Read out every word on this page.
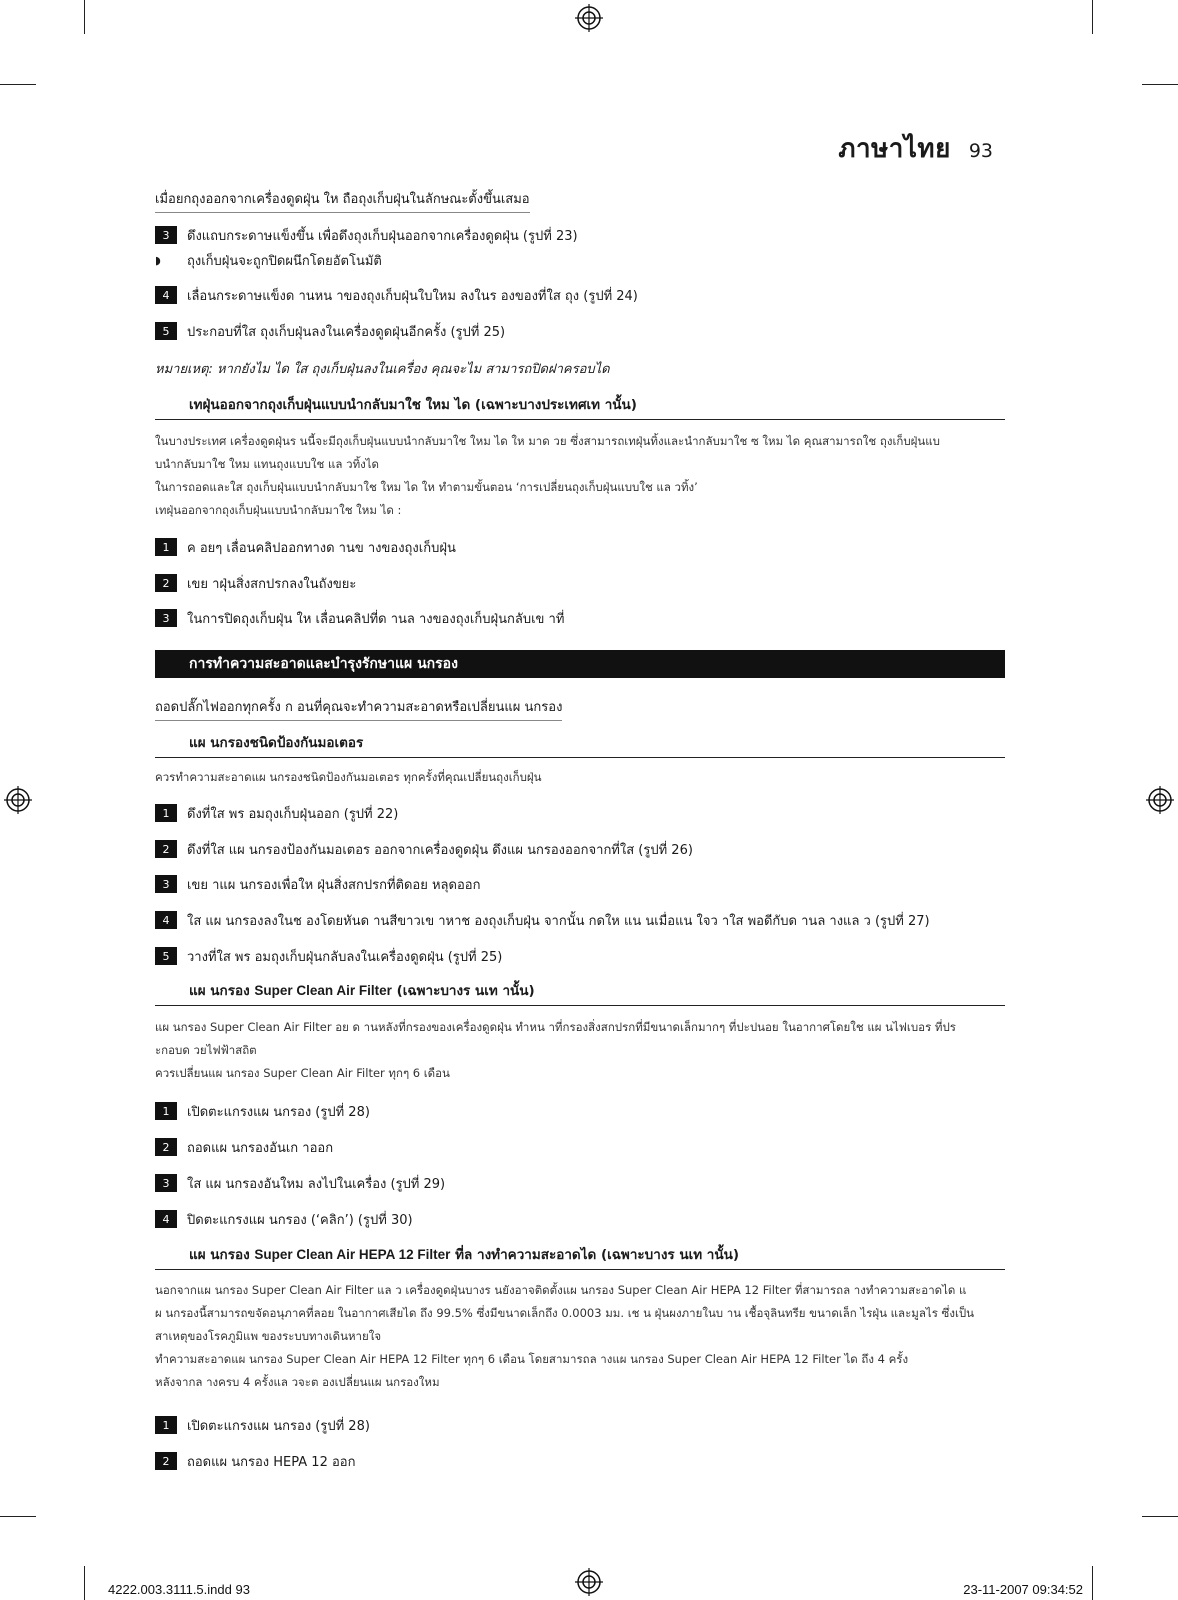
ภาษาไทย 93
เมื่อยกถุงออกจากเครื่องดูดฝุ่น ให ถือถุงเก็บฝุ่นในลักษณะตั้งขึ้นเสมอ
3	ดึงแถบกระดาษแข็งขึ้น เพื่อดึงถุงเก็บฝุ่นออกจากเครื่องดูดฝุ่น (รูปที่ 23)
◗	ถุงเก็บฝุ่นจะถูกปิดผนึกโดยอัตโนมัติ
4	เลื่อนกระดาษแข็งด านหน าของถุงเก็บฝุ่นใบใหม ลงในร องของที่ใส ถุง (รูปที่ 24)
5	ประกอบที่ใส ถุงเก็บฝุ่นลงในเครื่องดูดฝุ่นอีกครั้ง (รูปที่ 25)
หมายเหตุ: หากยังไม ได ใส ถุงเก็บฝุ่นลงในเครื่อง คุณจะไม สามารถปิดฝาครอบได
เทฝุ่นออกจากถุงเก็บฝุ่นแบบนำกลับมาใช ใหม ได (เฉพาะบางประเทศเท านั้น)

ในบางประเทศ เครื่องดูดฝุ่นร นนี้จะมีถุงเก็บฝุ่นแบบนำกลับมาใช ใหม ได ให มาด วย ซึ่งสามารถเทฝุ่นทิ้งและนำกลับมาใช ซ ใหม ได คุณสามารถใช ถุงเก็บฝุ่นแบ

บนำกลับมาใช ใหม แทนถุงแบบใช แล วทิ้งได

ในการถอดและใส ถุงเก็บฝุ่นแบบนำกลับมาใช ใหม ได ให ทำตามขั้นตอน ‘การเปลี่ยนถุงเก็บฝุ่นแบบใช แล วทิ้ง’

เทฝุ่นออกจากถุงเก็บฝุ่นแบบนำกลับมาใช ใหม ได :

1	ค อยๆ เลื่อนคลิปออกทางด านข างของถุงเก็บฝุ่น
2	เขย าฝุ่นสิ่งสกปรกลงในถังขยะ
3	ในการปิดถุงเก็บฝุ่น ให เลื่อนคลิปที่ด านล างของถุงเก็บฝุ่นกลับเข าที่
การทำความสะอาดและบำรุงรักษาแผ นกรอง
ถอดปลั๊กไฟออกทุกครั้ง ก อนที่คุณจะทำความสะอาดหรือเปลี่ยนแผ นกรอง
แผ นกรองชนิดป้องกันมอเตอร
ควรทำความสะอาดแผ นกรองชนิดป้องกันมอเตอร ทุกครั้งที่คุณเปลี่ยนถุงเก็บฝุ่น
1	ดึงที่ใส พร อมถุงเก็บฝุ่นออก (รูปที่ 22)
2	ดึงที่ใส แผ นกรองป้องกันมอเตอร ออกจากเครื่องดูดฝุ่น ดึงแผ นกรองออกจากที่ใส (รูปที่ 26)
3	เขย าแผ นกรองเพื่อให ฝุ่นสิ่งสกปรกที่ติดอย หลุดออก
4	ใส แผ นกรองลงในช องโดยหันด านสีขาวเข าหาช องถุงเก็บฝุ่น จากนั้น กดให แน นเมื่อแน ใจว าใส พอดีกับด านล างแล ว (รูปที่ 27)
5	วางที่ใส พร อมถุงเก็บฝุ่นกลับลงในเครื่องดูดฝุ่น (รูปที่ 25)
แผ นกรอง Super Clean Air Filter (เฉพาะบางร นเท านั้น)

แผ นกรอง Super Clean Air Filter อย ด านหลังที่กรองของเครื่องดูดฝุ่น ทำหน าที่กรองสิ่งสกปรกที่มีขนาดเล็กมากๆ ที่ปะปนอย ในอากาศโดยใช แผ นไฟเบอร ที่ปร

ะกอบด วยไฟฟ้าสถิต

ควรเปลี่ยนแผ นกรอง Super Clean Air Filter ทุกๆ 6 เดือน

1	เปิดตะแกรงแผ นกรอง (รูปที่ 28)
2	ถอดแผ นกรองอันเก าออก
3	ใส แผ นกรองอันใหม ลงไปในเครื่อง (รูปที่ 29)
4	ปิดตะแกรงแผ นกรอง (‘คลิก’) (รูปที่ 30)
แผ นกรอง Super Clean Air HEPA 12 Filter ที่ล างทำความสะอาดได (เฉพาะบางร นเท านั้น)

นอกจากแผ นกรอง Super Clean Air Filter แล ว เครื่องดูดฝุ่นบางร นยังอาจติดตั้งแผ นกรอง Super Clean Air HEPA 12 Filter ที่สามารถล างทำความสะอาดได แ

ผ นกรองนี้สามารถขจัดอนุภาคที่ลอย ในอากาศเสียได ถึง 99.5% ซึ่งมีขนาดเล็กถึง 0.0003 มม. เช น ฝุ่นผงภายในบ าน เชื้อจุลินทรีย ขนาดเล็ก ไรฝุ่น และมูลไร ซึ่งเป็น

สาเหตุของโรคภูมิแพ ของระบบทางเดินหายใจ

ทำความสะอาดแผ นกรอง Super Clean Air HEPA 12 Filter ทุกๆ 6 เดือน โดยสามารถล างแผ นกรอง Super Clean Air HEPA 12 Filter ได ถึง 4 ครั้ง

หลังจากล างครบ 4 ครั้งแล วจะต องเปลี่ยนแผ นกรองใหม

1	เปิดตะแกรงแผ นกรอง (รูปที่ 28)
2	ถอดแผ นกรอง HEPA 12 ออก
4222.003.3111.5.indd 93	23-11-2007 09:34:52
